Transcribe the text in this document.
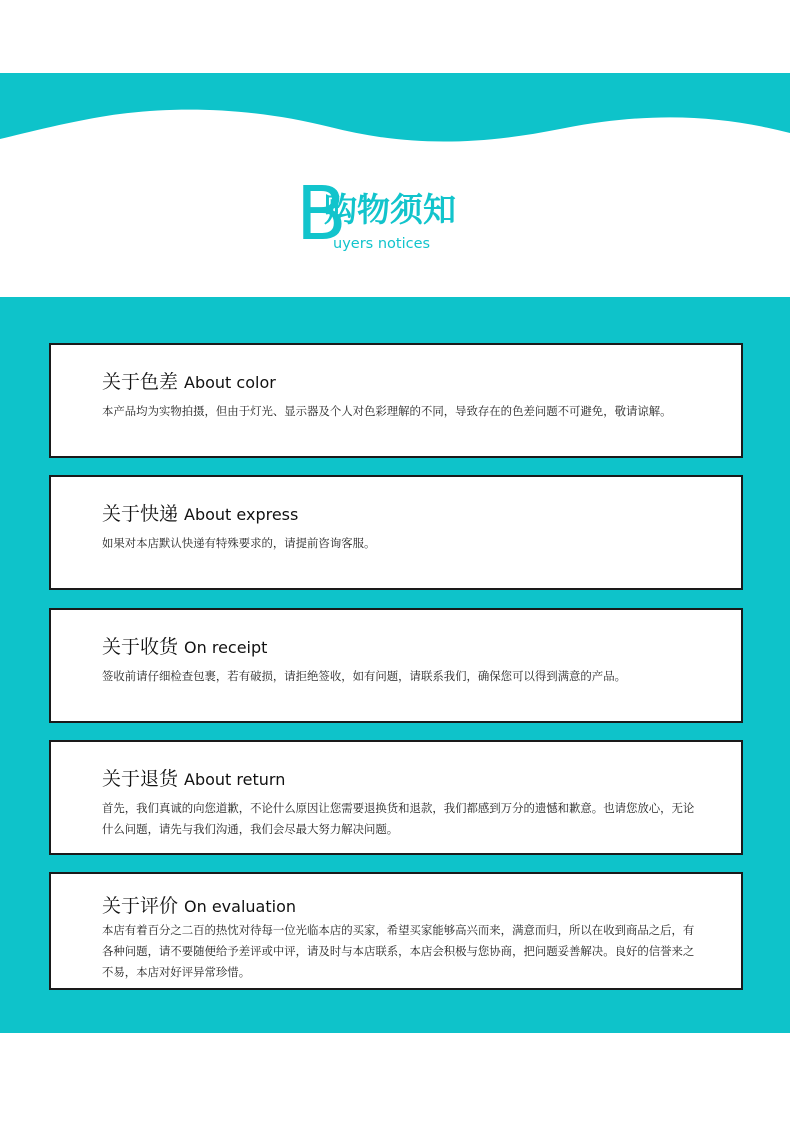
B
购物须知
uyers notices
关于色差 About color
本产品均为实物拍摄，但由于灯光、显示器及个人对色彩理解的不同，导致存在的色差问题不可避免，敬请谅解。
关于快递 About express
如果对本店默认快递有特殊要求的，请提前咨询客服。
关于收货 On receipt
签收前请仔细检查包裹，若有破损，请拒绝签收，如有问题，请联系我们，确保您可以得到满意的产品。
关于退货 About return
首先，我们真诚的向您道歉，不论什么原因让您需要退换货和退款，我们都感到万分的遗憾和歉意。也请您放心，无论什么问题，请先与我们沟通，我们会尽最大努力解决问题。
关于评价 On evaluation
本店有着百分之二百的热忱对待每一位光临本店的买家，希望买家能够高兴而来，满意而归，所以在收到商品之后，有各种问题，请不要随便给予差评或中评，请及时与本店联系，本店会积极与您协商，把问题妥善解决。良好的信誉来之不易，本店对好评异常珍惜。
